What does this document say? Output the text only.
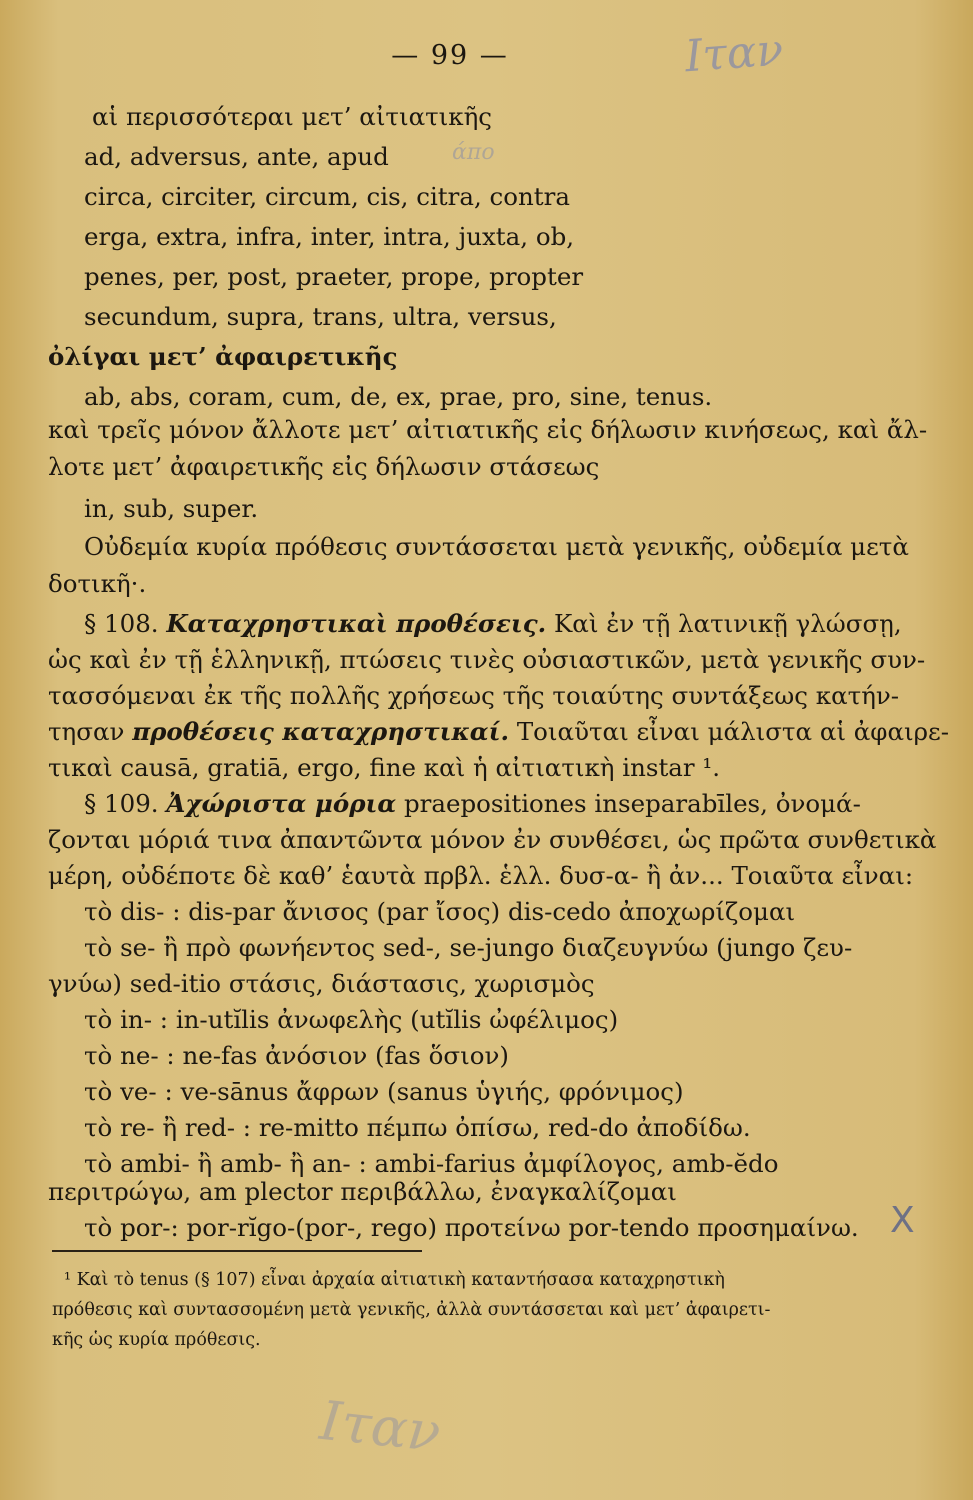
— 99 —	Ιταν
άπο
αἱ περισσότεραι μετ’ αἰτιατικῆς
ad, adversus, ante, apud
circa, circiter, circum, cis, citra, contra
erga, extra, infra, inter, intra, juxta, ob,
penes, per, post, praeter, prope, propter
secundum, supra, trans, ultra, versus,
ὀλίγαι μετ’ ἀφαιρετικῆς
ab, abs, coram, cum, de, ex, prae, pro, sine, tenus.
καὶ τρεῖς μόνον ἄλλοτε μετ’ αἰτιατικῆς εἰς δήλωσιν κινήσεως, καὶ ἄλ-
λοτε μετ’ ἀφαιρετικῆς εἰς δήλωσιν στάσεως
in, sub, super.
Οὐδεμία κυρία πρόθεσις συντάσσεται μετὰ γενικῆς, οὐδεμία μετὰ
δοτικῆ·.
§ 108. Καταχρηστικαὶ προθέσεις. Καὶ ἐν τῇ λατινικῇ γλώσσῃ,
ὡς καὶ ἐν τῇ ἑλληνικῇ, πτώσεις τινὲς οὐσιαστικῶν, μετὰ γενικῆς συν-
τασσόμεναι ἐκ τῆς πολλῆς χρήσεως τῆς τοιαύτης συντάξεως κατήν-
τησαν προθέσεις καταχρηστικαί. Τοιαῦται εἶναι μάλιστα αἱ ἀφαιρε-
τικαὶ causā, gratiā, ergo, fine καὶ ἡ αἰτιατικὴ instar ¹.
§ 109. Ἀχώριστα μόρια praepositiones inseparabīles, ὀνομά-
ζονται μόριά τινα ἀπαντῶντα μόνον ἐν συνθέσει, ὡς πρῶτα συνθετικὰ
μέρη, οὐδέποτε δὲ καθ’ ἑαυτὰ πρβλ. ἑλλ. δυσ-α- ἢ ἀν... Τοιαῦτα εἶναι:
τὸ dis- : dis-par ἄνισος (par ἴσος) dis-cedo ἀποχωρίζομαι
τὸ se- ἢ πρὸ φωνήεντος sed-, se-jungo διαζευγνύω (jungo ζευ-
γνύω) sed-itio στάσις, διάστασις, χωρισμὸς
τὸ in- : in-utĭlis ἀνωφελὴς (utĭlis ὠφέλιμος)
τὸ ne- : ne-fas ἀνόσιον (fas ὅσιον)
τὸ ve- : ve-sānus ἄφρων (sanus ὑγιής, φρόνιμος)
τὸ re- ἢ red- : re-mitto πέμπω ὀπίσω, red-do ἀποδίδω.
τὸ ambi- ἢ amb- ἢ an- : ambi-farius ἀμφίλογος, amb-ĕdo
περιτρώγω, am plector περιβάλλω, ἐναγκαλίζομαι
τὸ por-: por-rĭgo-(por-, rego) προτείνω por-tendo προσημαίνω. X
¹ Καὶ τὸ tenus (§ 107) εἶναι ἀρχαία αἰτιατικὴ καταντήσασα καταχρηστικὴ
πρόθεσις καὶ συντασσομένη μετὰ γενικῆς, ἀλλὰ συντάσσεται καὶ μετ’ ἀφαιρετι-
κῆς ὡς κυρία πρόθεσις.
Ιταν
